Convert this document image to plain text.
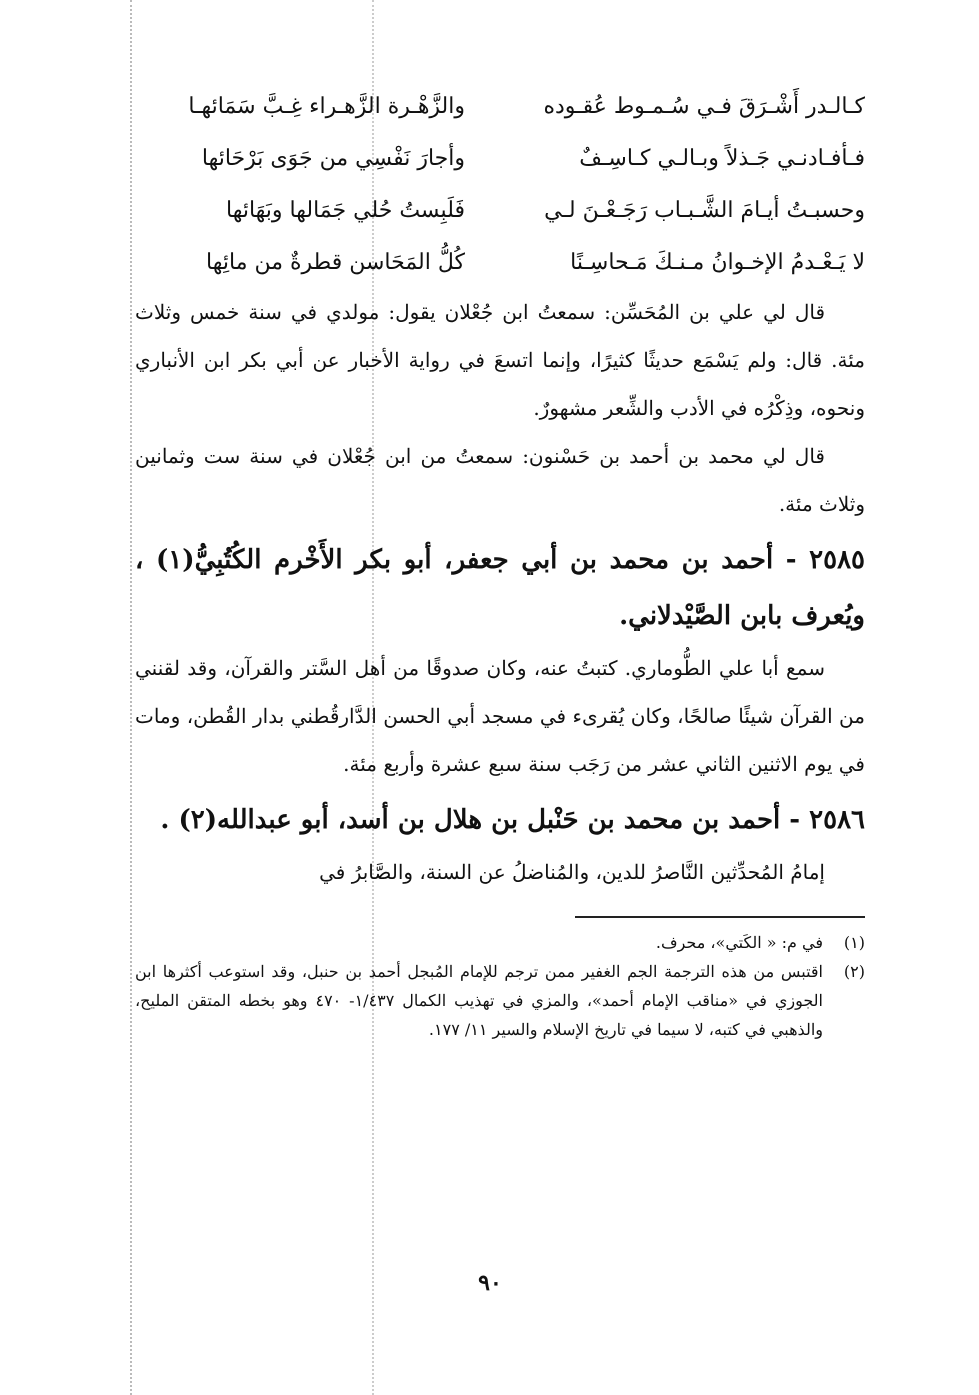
كـالـدر أَشْـرَقَ فـي سُـمـوط عُقـوده
والزَّهْـرة الزَّهـراء غِـبَّ سَمَائهـا
فـأفـادنـي جَـذلاً وبـالـي كـاسِـفٌ
وأجارَ نَفْسِي من جَوَى بَرْحَائها
وحسبـتُ أيـامَ الشَّـبـاب رَجَـعْـنَ لـي
فَلَبِستُ حُلي جَمَالها وبَهَائها
لا يَـعْـدمُ الإخـوانُ مـنـكَ مَـحاسِـنًا
كُلُّ المَحَاسن قطرةٌ من مائِها

قال لي علي بن المُحَسِّن: سمعتُ ابن جُعْلان يقول: مولدي في سنة خمس وثلاث مئة. قال: ولم يَسْمَع حديثًا كثيرًا، وإنما اتسعَ في رواية الأخبار عن أبي بكر ابن الأنباري ونحوه، وذِكْرُه في الأدب والشِّعر مشهورٌ.

قال لي محمد بن أحمد بن حَسْنون: سمعتُ من ابن جُعْلان في سنة ست وثمانين وثلاث مئة.

٢٥٨٥ - أحمد بن محمد بن أبي جعفر، أبو بكر الأَخْرم الكُتُبِيُّ(١) ، ويُعرف بابن الصَّيْدلاني.

سمع أبا علي الطُّوماري. كتبتُ عنه، وكان صدوقًا من أهل السَّتر والقرآن، وقد لقنني من القرآن شيئًا صالحًا، وكان يُقرىء في مسجد أبي الحسن الدَّارقُطني بدار القُطن، ومات في يوم الاثنين الثاني عشر من رَجَب سنة سبع عشرة وأربع مئة.

٢٥٨٦ - أحمد بن محمد بن حَنْبل بن هلال بن أسد، أبو عبدالله(٢) .

إمامُ المُحدِّثين النَّاصرُ للدين، والمُناضلُ عن السنة، والصَّابرُ في

(١)
في م: « الكَتي»، محرف.
(٢)
اقتبس من هذه الترجمة الجم الغفير ممن ترجم للإمام المُبجل أحمد بن حنبل، وقد استوعب أكثرها ابن الجوزي في «مناقب الإمام أحمد»، والمزي في تهذيب الكمال ١/٤٣٧- ٤٧٠ وهو بخطه المتقن المليح، والذهبي في كتبه، لا سيما في تاريخ الإسلام والسير ١١/ ١٧٧.
٩٠
